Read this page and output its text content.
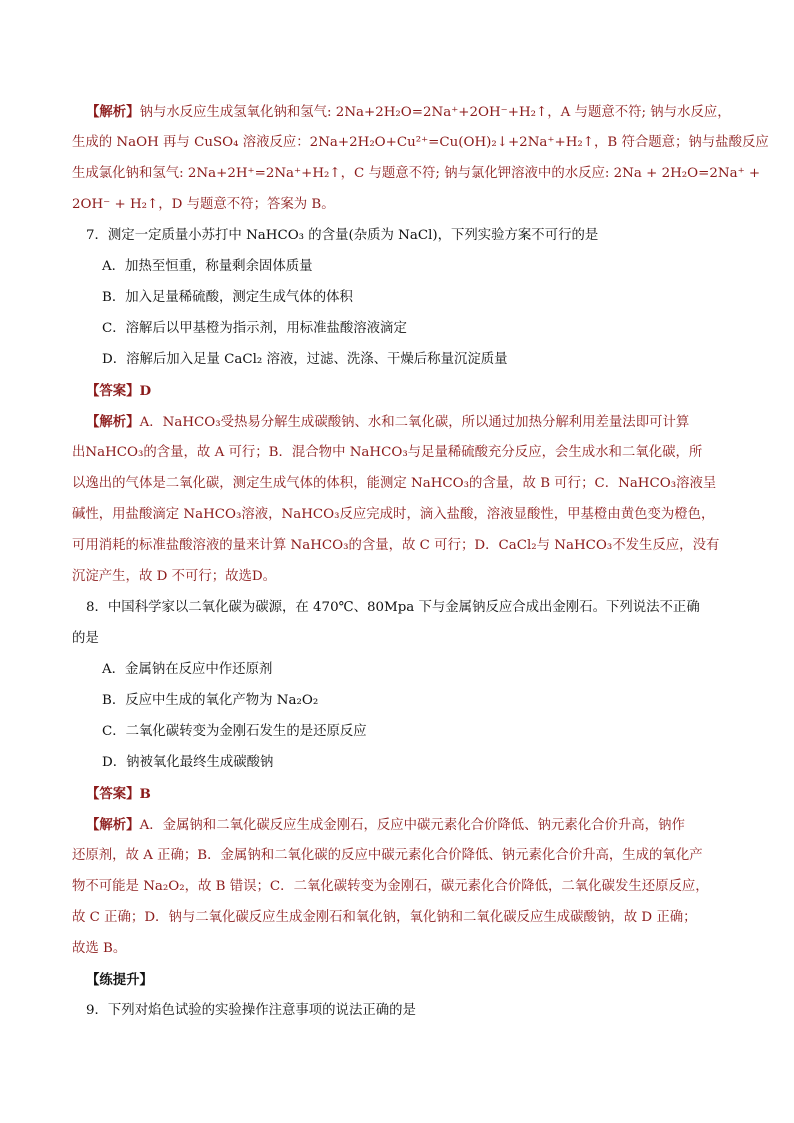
【解析】钠与水反应生成氢氧化钠和氢气: 2Na+2H₂O=2Na⁺+2OH⁻+H₂↑，A 与题意不符; 钠与水反应，
生成的 NaOH 再与 CuSO₄ 溶液反应：2Na+2H₂O+Cu²⁺=Cu(OH)₂↓+2Na⁺+H₂↑，B 符合题意；钠与盐酸反应
生成氯化钠和氢气: 2Na+2H⁺=2Na⁺+H₂↑，C 与题意不符; 钠与氯化钾溶液中的水反应: 2Na + 2H₂O=2Na⁺ +
2OH⁻ + H₂↑，D 与题意不符；答案为 B。
7．测定一定质量小苏打中 NaHCO₃ 的含量(杂质为 NaCl)，下列实验方案不可行的是
A．加热至恒重，称量剩余固体质量
B．加入足量稀硫酸，测定生成气体的体积
C．溶解后以甲基橙为指示剂，用标准盐酸溶液滴定
D．溶解后加入足量 CaCl₂ 溶液，过滤、洗涤、干燥后称量沉淀质量
【答案】D
【解析】A．NaHCO₃受热易分解生成碳酸钠、水和二氧化碳，所以通过加热分解利用差量法即可计算
出NaHCO₃的含量，故 A 可行；B．混合物中 NaHCO₃与足量稀硫酸充分反应，会生成水和二氧化碳，所
以逸出的气体是二氧化碳，测定生成气体的体积，能测定 NaHCO₃的含量，故 B 可行；C．NaHCO₃溶液呈
碱性，用盐酸滴定 NaHCO₃溶液，NaHCO₃反应完成时，滴入盐酸，溶液显酸性，甲基橙由黄色变为橙色，
可用消耗的标准盐酸溶液的量来计算 NaHCO₃的含量，故 C 可行；D．CaCl₂与 NaHCO₃不发生反应，没有
沉淀产生，故 D 不可行；故选D。
8．中国科学家以二氧化碳为碳源，在 470℃、80Mpa 下与金属钠反应合成出金刚石。下列说法不正确
的是
A．金属钠在反应中作还原剂
B．反应中生成的氧化产物为 Na₂O₂
C．二氧化碳转变为金刚石发生的是还原反应
D．钠被氧化最终生成碳酸钠
【答案】B
【解析】A．金属钠和二氧化碳反应生成金刚石，反应中碳元素化合价降低、钠元素化合价升高，钠作
还原剂，故 A 正确；B．金属钠和二氧化碳的反应中碳元素化合价降低、钠元素化合价升高，生成的氧化产
物不可能是 Na₂O₂，故 B 错误；C．二氧化碳转变为金刚石，碳元素化合价降低，二氧化碳发生还原反应，
故 C 正确；D．钠与二氧化碳反应生成金刚石和氧化钠，氧化钠和二氧化碳反应生成碳酸钠，故 D 正确；
故选 B。
【练提升】
9．下列对焰色试验的实验操作注意事项的说法正确的是
